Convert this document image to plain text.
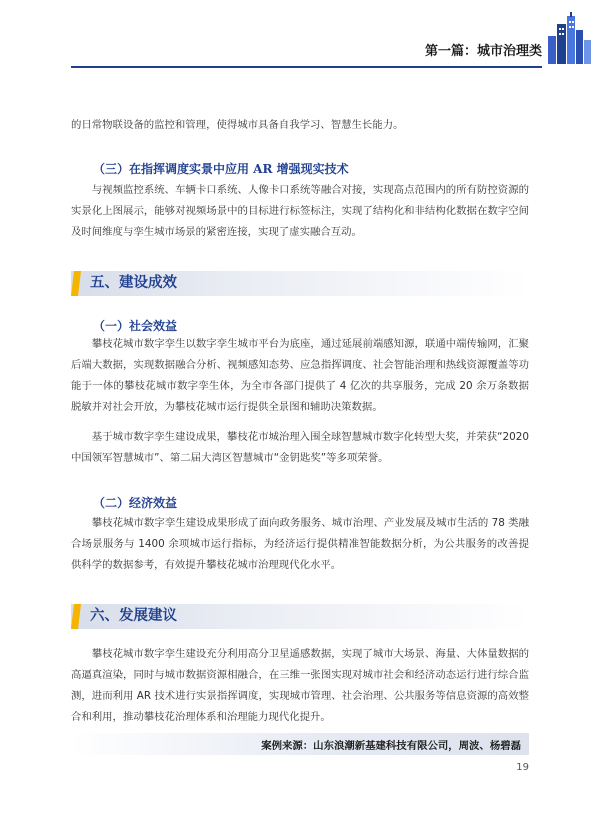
第一篇：城市治理类

的日常物联设备的监控和管理，使得城市具备自我学习、智慧生长能力。

（三）在指挥调度实景中应用 AR 增强现实技术

与视频监控系统、车辆卡口系统、人像卡口系统等融合对接，实现高点范围内的所有防控资源的实景化上图展示，能够对视频场景中的目标进行标签标注，实现了结构化和非结构化数据在数字空间及时间维度与孪生城市场景的紧密连接，实现了虚实融合互动。

五、建设成效
（一）社会效益

攀枝花城市数字孪生以数字孪生城市平台为底座，通过延展前端感知源，联通中端传输网，汇聚后端大数据，实现数据融合分析、视频感知态势、应急指挥调度、社会智能治理和热线资源覆盖等功能于一体的攀枝花城市数字孪生体，为全市各部门提供了 4 亿次的共享服务，完成 20 余万条数据脱敏并对社会开放，为攀枝花城市运行提供全景图和辅助决策数据。

基于城市数字孪生建设成果，攀枝花市城治理入围全球智慧城市数字化转型大奖，并荣获“2020 中国领军智慧城市”、第二届大湾区智慧城市“金钥匙奖”等多项荣誉。

（二）经济效益

攀枝花城市数字孪生建设成果形成了面向政务服务、城市治理、产业发展及城市生活的 78 类融合场景服务与 1400 余项城市运行指标，为经济运行提供精准智能数据分析，为公共服务的改善提供科学的数据参考，有效提升攀枝花城市治理现代化水平。

六、发展建议

攀枝花城市数字孪生建设充分利用高分卫星遥感数据，实现了城市大场景、海量、大体量数据的高逼真渲染，同时与城市数据资源相融合，在三维一张图实现对城市社会和经济动态运行进行综合监测，进而利用 AR 技术进行实景指挥调度，实现城市管理、社会治理、公共服务等信息资源的高效整合和利用，推动攀枝花治理体系和治理能力现代化提升。

案例来源：山东浪潮新基建科技有限公司，周波、杨碧磊
19
